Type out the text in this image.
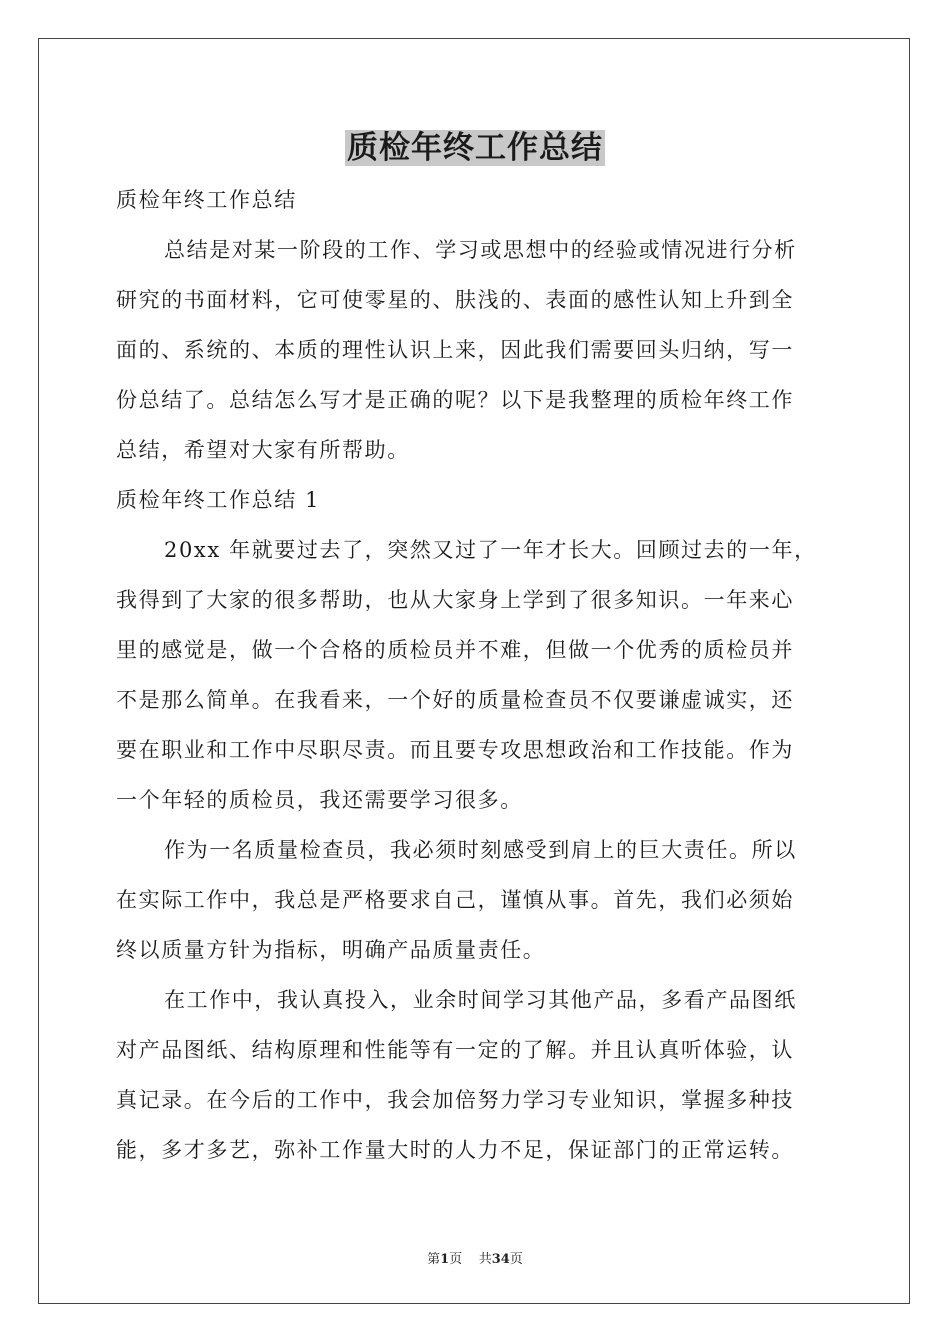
质检年终工作总结
质检年终工作总结
总结是对某一阶段的工作、学习或思想中的经验或情况进行分析
研究的书面材料，它可使零星的、肤浅的、表面的感性认知上升到全
面的、系统的、本质的理性认识上来，因此我们需要回头归纳，写一
份总结了。总结怎么写才是正确的呢？以下是我整理的质检年终工作
总结，希望对大家有所帮助。
质检年终工作总结 1
20xx 年就要过去了，突然又过了一年才长大。回顾过去的一年，
我得到了大家的很多帮助，也从大家身上学到了很多知识。一年来心
里的感觉是，做一个合格的质检员并不难，但做一个优秀的质检员并
不是那么简单。在我看来，一个好的质量检查员不仅要谦虚诚实，还
要在职业和工作中尽职尽责。而且要专攻思想政治和工作技能。作为
一个年轻的质检员，我还需要学习很多。
作为一名质量检查员，我必须时刻感受到肩上的巨大责任。所以
在实际工作中，我总是严格要求自己，谨慎从事。首先，我们必须始
终以质量方针为指标，明确产品质量责任。
在工作中，我认真投入，业余时间学习其他产品，多看产品图纸
对产品图纸、结构原理和性能等有一定的了解。并且认真听体验，认
真记录。在今后的工作中，我会加倍努力学习专业知识，掌握多种技
能，多才多艺，弥补工作量大时的人力不足，保证部门的正常运转。
第1页 共34页
